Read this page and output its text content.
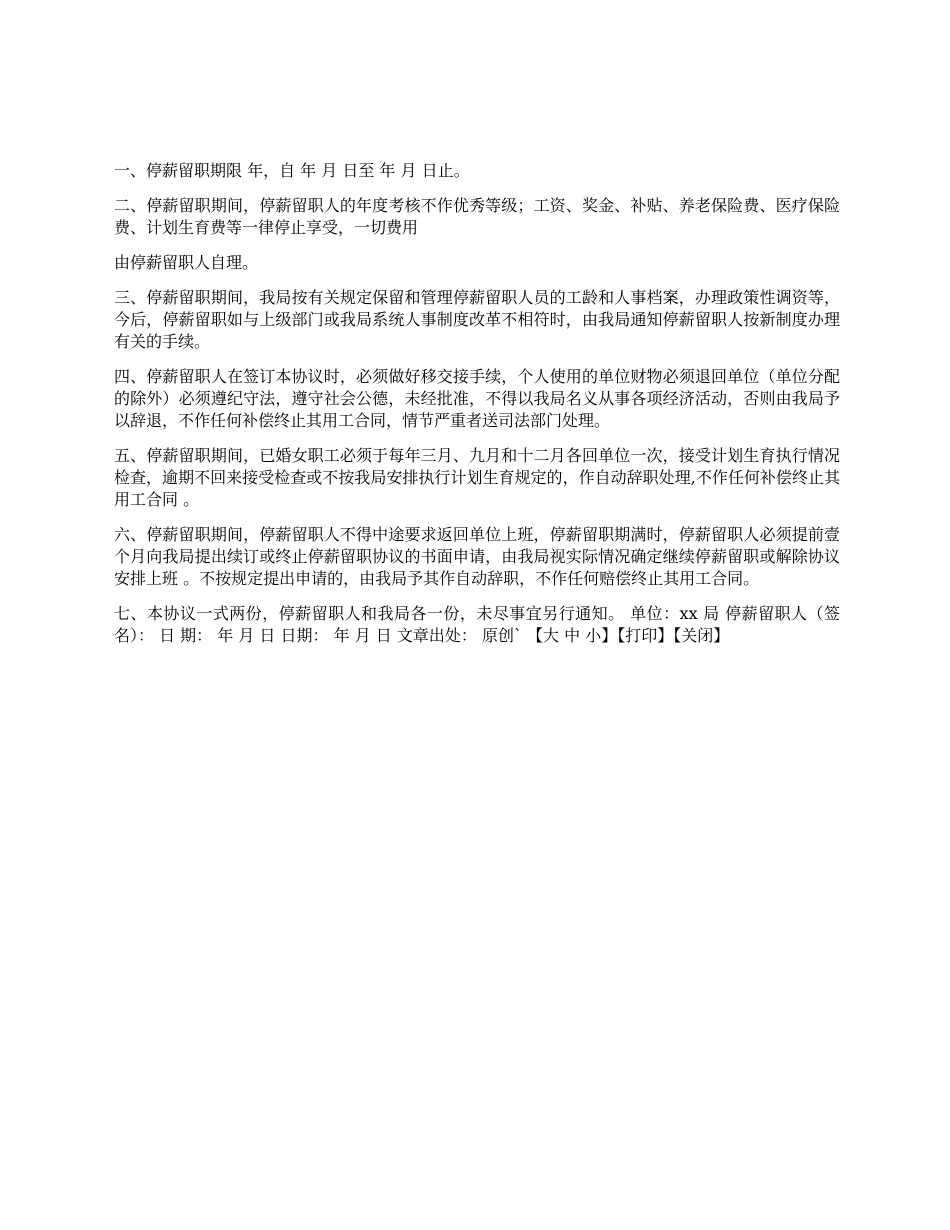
一、停薪留职期限 年，自 年 月 日至 年 月 日止。

二、停薪留职期间，停薪留职人的年度考核不作优秀等级；工资、奖金、补贴、养老保险费、医疗保险费、计划生育费等一律停止享受，一切费用

由停薪留职人自理。

三、停薪留职期间，我局按有关规定保留和管理停薪留职人员的工龄和人事档案，办理政策性调资等，今后，停薪留职如与上级部门或我局系统人事制度改革不相符时，由我局通知停薪留职人按新制度办理有关的手续。

四、停薪留职人在签订本协议时，必须做好移交接手续，个人使用的单位财物必须退回单位（单位分配的除外）必须遵纪守法，遵守社会公德，未经批准，不得以我局名义从事各项经济活动，否则由我局予以辞退，不作任何补偿终止其用工合同，情节严重者送司法部门处理。

五、停薪留职期间，已婚女职工必须于每年三月、九月和十二月各回单位一次，接受计划生育执行情况检查，逾期不回来接受检查或不按我局安排执行计划生育规定的，作自动辞职处理,不作任何补偿终止其用工合同 。

六、停薪留职期间，停薪留职人不得中途要求返回单位上班，停薪留职期满时，停薪留职人必须提前壹个月向我局提出续订或终止停薪留职协议的书面申请，由我局视实际情况确定继续停薪留职或解除协议安排上班 。不按规定提出申请的，由我局予其作自动辞职，不作任何赔偿终止其用工合同。

七、本协议一式两份，停薪留职人和我局各一份，未尽事宜另行通知。 单位：xx 局 停薪留职人（签名）： 日 期： 年 月 日 日期： 年 月 日 文章出处： 原创` 【大 中 小】【打印】【关闭】
